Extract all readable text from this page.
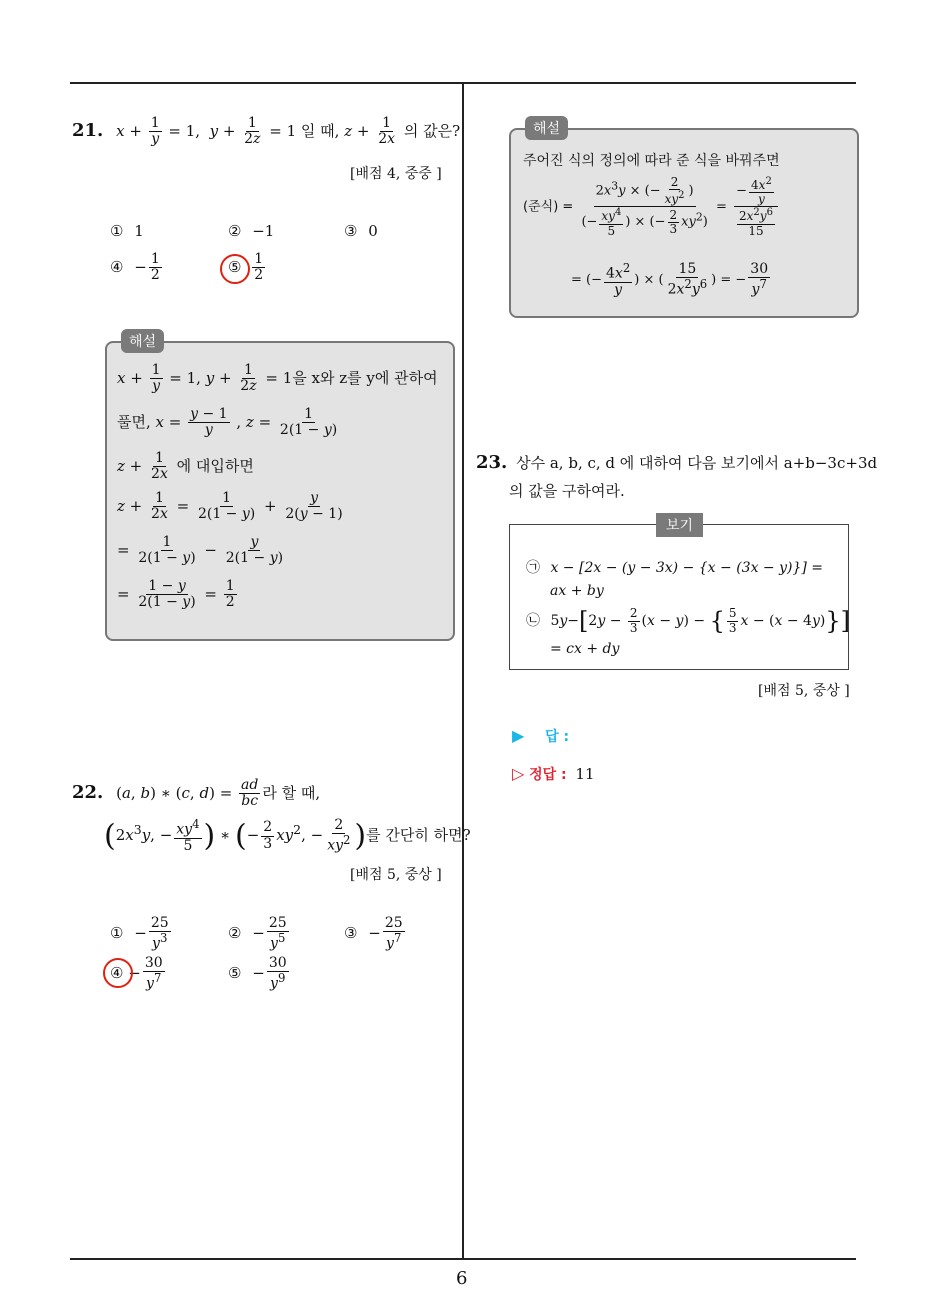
6
21. $x + \frac{1}{y} = 1$,  $y + \frac{1}{2z} = 1$ 일 때, $z + \frac{1}{2x}$ 의 값은?
[배점 4, 중중 ]
① 1	② −1	③ 0
④ − $\frac{1}{2}$	⑤ $\frac{1}{2}$
해설
$x + \frac{1}{y} = 1$, $y + \frac{1}{2z} = 1$을 x와 z를 y에 관하여
풀면, $x = \frac{y - 1}{y}$ , $z = \frac{1}{2(1 - y)}$
$z + \frac{1}{2x}$ 에 대입하면
$z + \frac{1}{2x} = \frac{1}{2(1 - y)} + \frac{y}{2(y - 1)}$
= $\frac{1}{2(1 - y)} - \frac{y}{2(1 - y)}$
= $\frac{1 - y}{2(1 - y)} = \frac{1}{2}$
22. (a, b) ∗ (c, $d) = \frac{ad}{bc}$ 라 할 때,
($2x^3y$, − $\frac{xy^4}{5}$ ) ∗ (− $\frac{2}{3} xy^2$, − $\frac{2}{xy^2}$ )를 간단히 하면?
[배점 5, 중상 ]
① − $\frac{25}{y^3}$	② − $\frac{25}{y^5}$	③ − $\frac{25}{y^7}$
④ − $\frac{30}{y^7}$	⑤ − $\frac{30}{y^9}$
해설
주어진 식의 정의에 따라 준 식을 바꿔주면
(준식) = $\frac{2x^3y \times (- \frac{2}{xy^2} )}{(- \frac{xy^4}{5} ) \times (- \frac{2}{3} xy^2)} = \frac{- \frac{4x^2}{y}}{\frac{2x^2y^6}{15}}$
= (− $\frac{4x^2}{y}$ ) × ( $\frac{15}{2x^2y^6}$ ) = − $\frac{30}{y^7}$
23. 상수 a, b, c, d 에 대하여 다음 보기에서 a+b−3c+3d
의 값을 구하여라.
보기
㉠ x − [2x − (y − 3x) − {x − (3x − y)}] =
ax + by
㉡ $5y-[2y - \frac{2}{3} (x - y)$ − { $\frac{5}{3}$ x − (x − 4y)}]
= cx + dy
[배점 5, 중상 ]
▶ 답 :
▷ 정답 : 11
